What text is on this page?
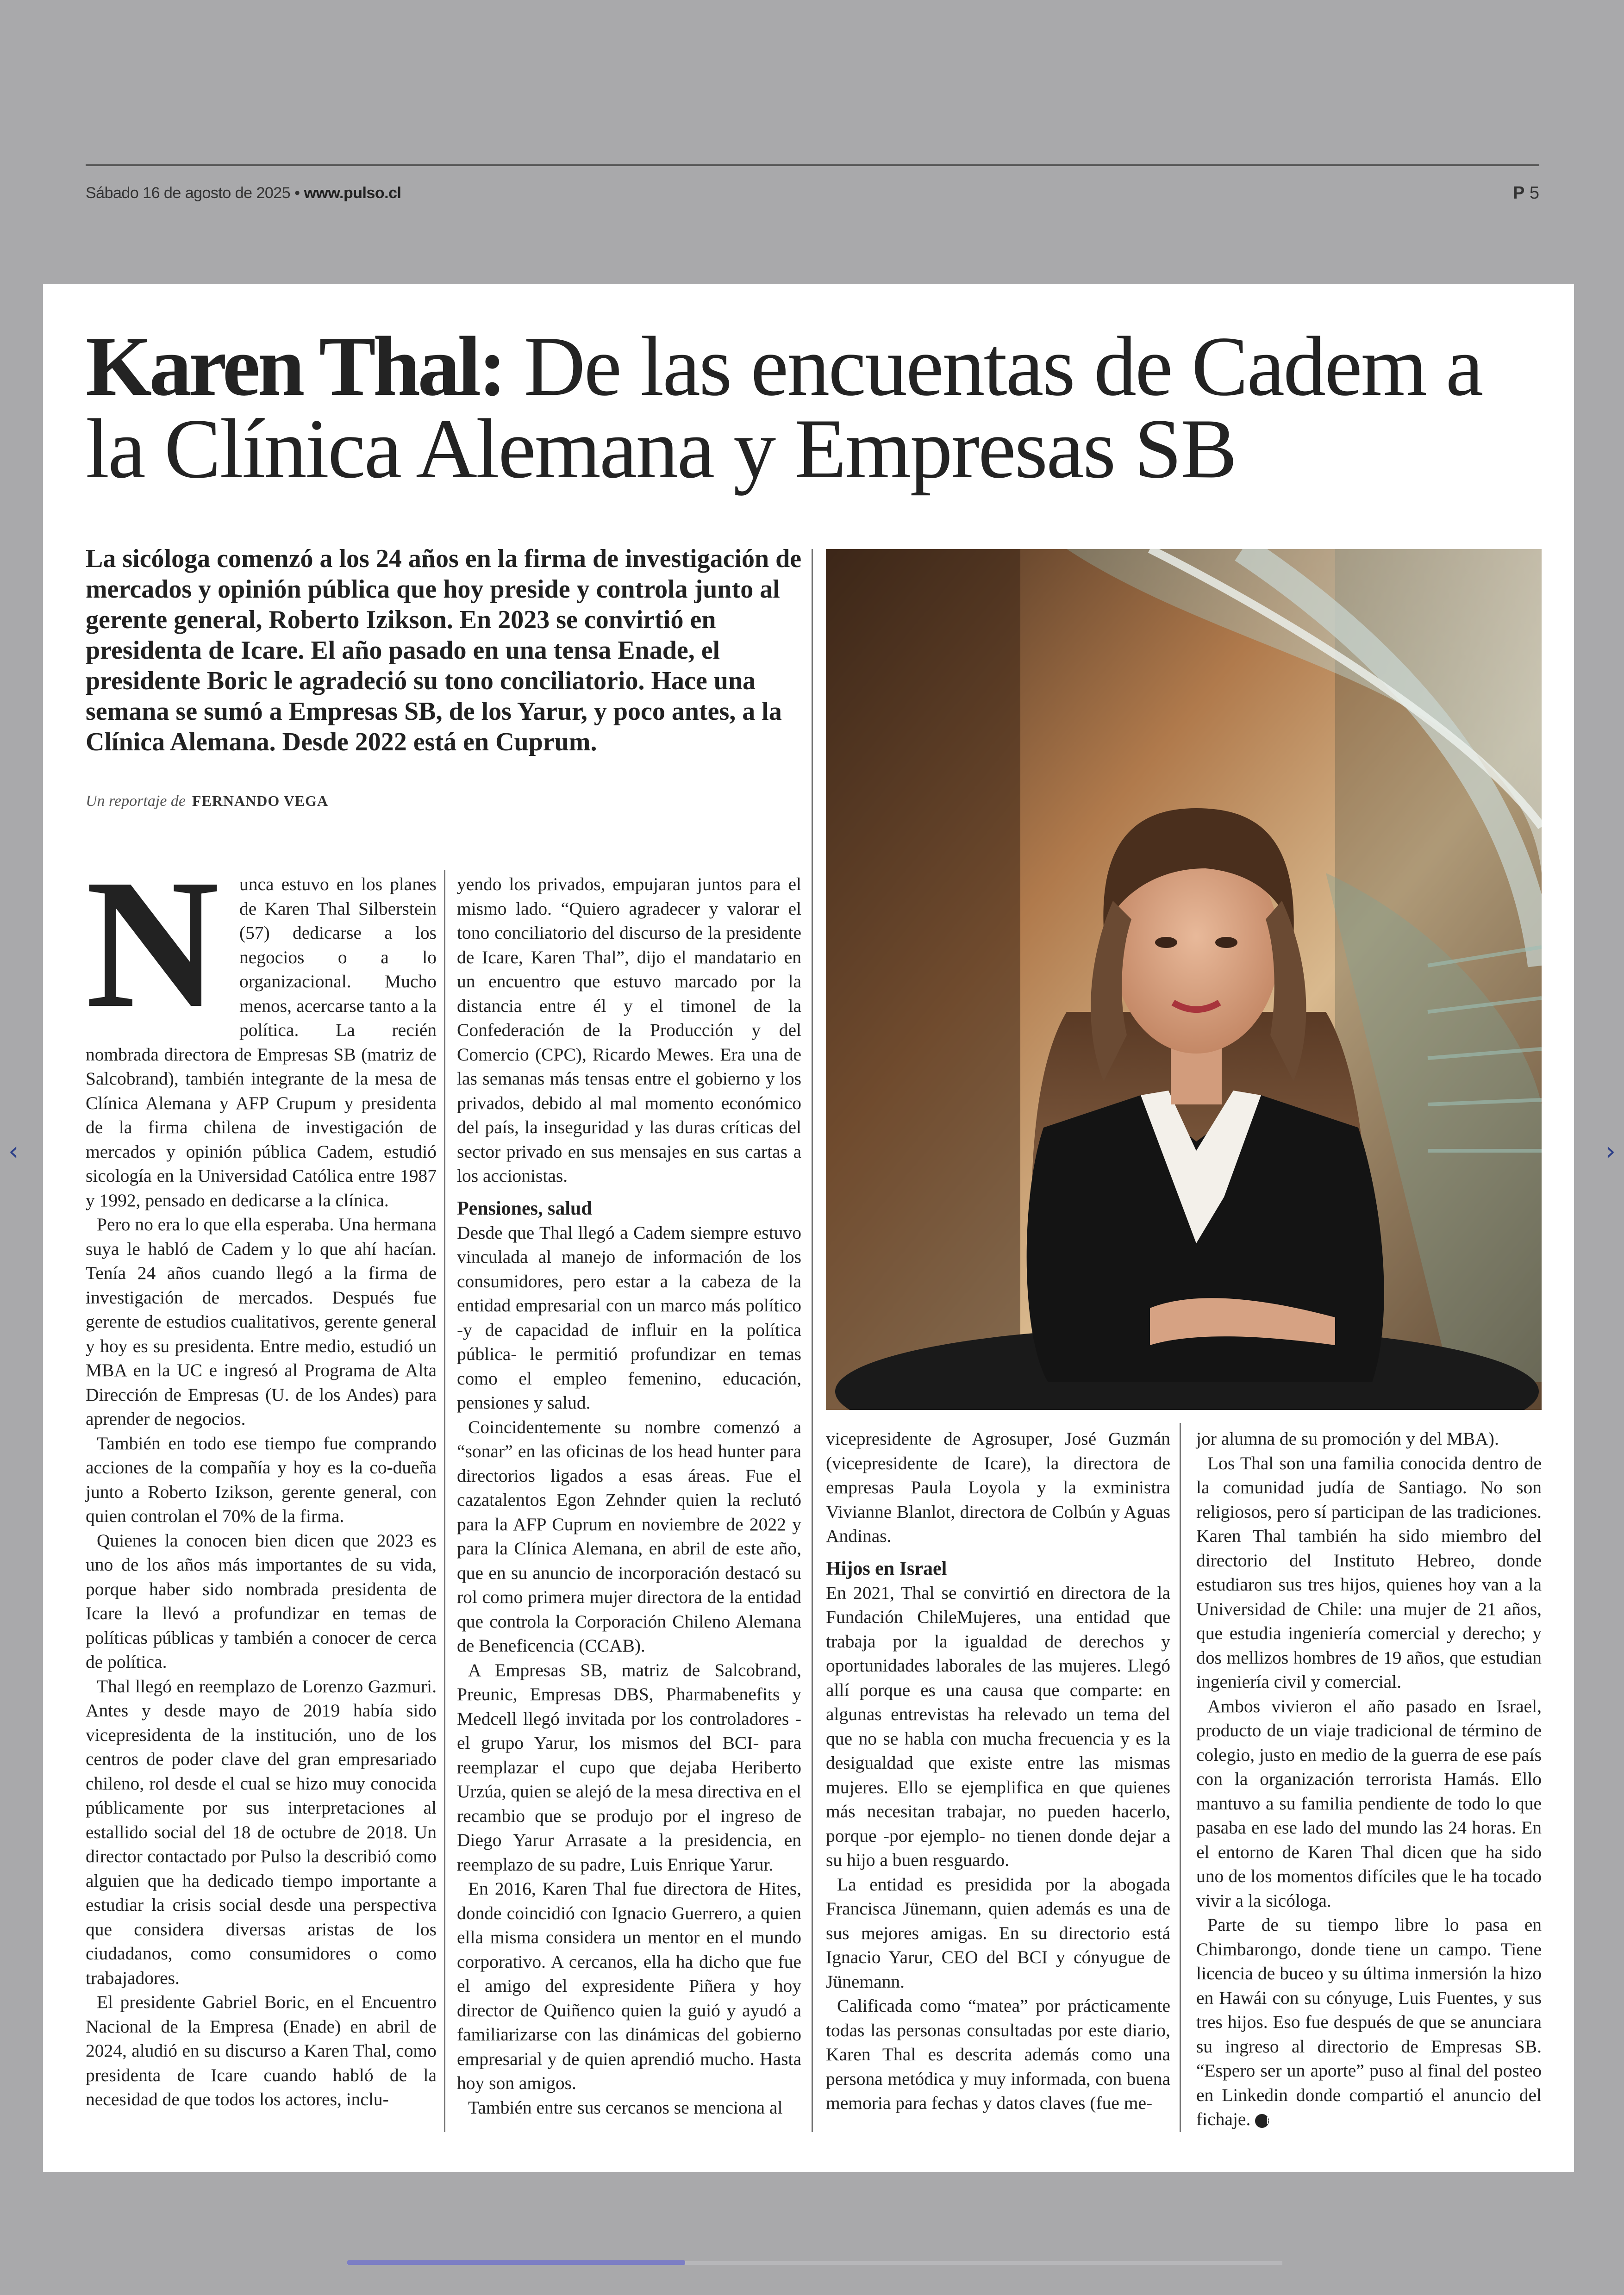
Sábado 16 de agosto de 2025 • www.pulso.cl	P 5
Karen Thal: De las encuentas de Cadem a la Clínica Alemana y Empresas SB
La sicóloga comenzó a los 24 años en la firma de investigación de mercados y opinión pública que hoy preside y controla junto al gerente general, Roberto Izikson. En 2023 se convirtió en presidenta de Icare. El año pasado en una tensa Enade, el presidente Boric le agradeció su tono conciliatorio. Hace una semana se sumó a Empresas SB, de los Yarur, y poco antes, a la Clínica Alemana. Desde 2022 está en Cuprum.
Un reportaje de FERNANDO VEGA
N	unca estuvo en los planes de Karen Thal Silberstein (57) dedicarse a los negocios o a lo organizacional. Mucho menos, acercarse tanto a la política. La recién nombrada directora de Empresas SB (matriz de Salcobrand), también integrante de la mesa de Clínica Alemana y AFP Crupum y presidenta de la firma chilena de investigación de mercados y opinión pública Cadem, estudió sicología en la Universidad Católica entre 1987 y 1992, pensado en dedicarse a la clínica.

Pero no era lo que ella esperaba. Una hermana suya le habló de Cadem y lo que ahí hacían. Tenía 24 años cuando llegó a la firma de investigación de mercados. Después fue gerente de estudios cualitativos, gerente general y hoy es su presidenta. Entre medio, estudió un MBA en la UC e ingresó al Programa de Alta Dirección de Empresas (U. de los Andes) para aprender de negocios.

También en todo ese tiempo fue comprando acciones de la compañía y hoy es la co-dueña junto a Roberto Izikson, gerente general, con quien controlan el 70% de la firma.

Quienes la conocen bien dicen que 2023 es uno de los años más importantes de su vida, porque haber sido nombrada presidenta de Icare la llevó a profundizar en temas de políticas públicas y también a conocer de cerca de política.

Thal llegó en reemplazo de Lorenzo Gazmuri. Antes y desde mayo de 2019 había sido vicepresidenta de la institución, uno de los centros de poder clave del gran empresariado chileno, rol desde el cual se hizo muy conocida públicamente por sus interpretaciones al estallido social del 18 de octubre de 2018. Un director contactado por Pulso la describió como alguien que ha dedicado tiempo importante a estudiar la crisis social desde una perspectiva que considera diversas aristas de los ciudadanos, como consumidores o como trabajadores.

El presidente Gabriel Boric, en el Encuentro Nacional de la Empresa (Enade) en abril de 2024, aludió en su discurso a Karen Thal, como presidenta de Icare cuando habló de la necesidad de que todos los actores, inclu-

yendo los privados, empujaran juntos para el mismo lado. “Quiero agradecer y valorar el tono conciliatorio del discurso de la presidente de Icare, Karen Thal”, dijo el mandatario en un encuentro que estuvo marcado por la distancia entre él y el timonel de la Confederación de la Producción y del Comercio (CPC), Ricardo Mewes. Era una de las semanas más tensas entre el gobierno y los privados, debido al mal momento económico del país, la inseguridad y las duras críticas del sector privado en sus mensajes en sus cartas a los accionistas.

Pensiones, salud

Desde que Thal llegó a Cadem siempre estuvo vinculada al manejo de información de los consumidores, pero estar a la cabeza de la entidad empresarial con un marco más político -y de capacidad de influir en la política pública- le permitió profundizar en temas como el empleo femenino, educación, pensiones y salud.

Coincidentemente su nombre comenzó a “sonar” en las oficinas de los head hunter para directorios ligados a esas áreas. Fue el cazatalentos Egon Zehnder quien la reclutó para la AFP Cuprum en noviembre de 2022 y para la Clínica Alemana, en abril de este año, que en su anuncio de incorporación destacó su rol como primera mujer directora de la entidad que controla la Corporación Chileno Alemana de Beneficencia (CCAB).

A Empresas SB, matriz de Salcobrand, Preunic, Empresas DBS, Pharmabenefits y Medcell llegó invitada por los controladores -el grupo Yarur, los mismos del BCI- para reemplazar el cupo que dejaba Heriberto Urzúa, quien se alejó de la mesa directiva en el recambio que se produjo por el ingreso de Diego Yarur Arrasate a la presidencia, en reemplazo de su padre, Luis Enrique Yarur.

En 2016, Karen Thal fue directora de Hites, donde coincidió con Ignacio Guerrero, a quien ella misma considera un mentor en el mundo corporativo. A cercanos, ella ha dicho que fue el amigo del expresidente Piñera y hoy director de Quiñenco quien la guió y ayudó a familiarizarse con las dinámicas del gobierno empresarial y de quien aprendió mucho. Hasta hoy son amigos.

También entre sus cercanos se menciona al

vicepresidente de Agrosuper, José Guzmán (vicepresidente de Icare), la directora de empresas Paula Loyola y la exministra Vivianne Blanlot, directora de Colbún y Aguas Andinas.

Hijos en Israel

En 2021, Thal se convirtió en directora de la Fundación ChileMujeres, una entidad que trabaja por la igualdad de derechos y oportunidades laborales de las mujeres. Llegó allí porque es una causa que comparte: en algunas entrevistas ha relevado un tema del que no se habla con mucha frecuencia y es la desigualdad que existe entre las mismas mujeres. Ello se ejemplifica en que quienes más necesitan trabajar, no pueden hacerlo, porque -por ejemplo- no tienen donde dejar a su hijo a buen resguardo.

La entidad es presidida por la abogada Francisca Jünemann, quien además es una de sus mejores amigas. En su directorio está Ignacio Yarur, CEO del BCI y cónyugue de Jünemann.

Calificada como “matea” por prácticamente todas las personas consultadas por este diario, Karen Thal es descrita además como una persona metódica y muy informada, con buena memoria para fechas y datos claves (fue me-

jor alumna de su promoción y del MBA).

Los Thal son una familia conocida dentro de la comunidad judía de Santiago. No son religiosos, pero sí participan de las tradiciones. Karen Thal también ha sido miembro del directorio del Instituto Hebreo, donde estudiaron sus tres hijos, quienes hoy van a la Universidad de Chile: una mujer de 21 años, que estudia ingeniería comercial y derecho; y dos mellizos hombres de 19 años, que estudian ingeniería civil y comercial.

Ambos vivieron el año pasado en Israel, producto de un viaje tradicional de término de colegio, justo en medio de la guerra de ese país con la organización terrorista Hamás. Ello mantuvo a su familia pendiente de todo lo que pasaba en ese lado del mundo las 24 horas. En el entorno de Karen Thal dicen que ha sido uno de los momentos difíciles que le ha tocado vivir a la sicóloga.

Parte de su tiempo libre lo pasa en Chimbarongo, donde tiene un campo. Tiene licencia de buceo y su última inmersión la hizo en Hawái con su cónyuge, Luis Fuentes, y sus tres hijos. Eso fue después de que se anunciara su ingreso al directorio de Empresas SB. “Espero ser un aporte” puso al final del posteo en Linkedin donde compartió el anuncio del fichaje. P

‹	›
